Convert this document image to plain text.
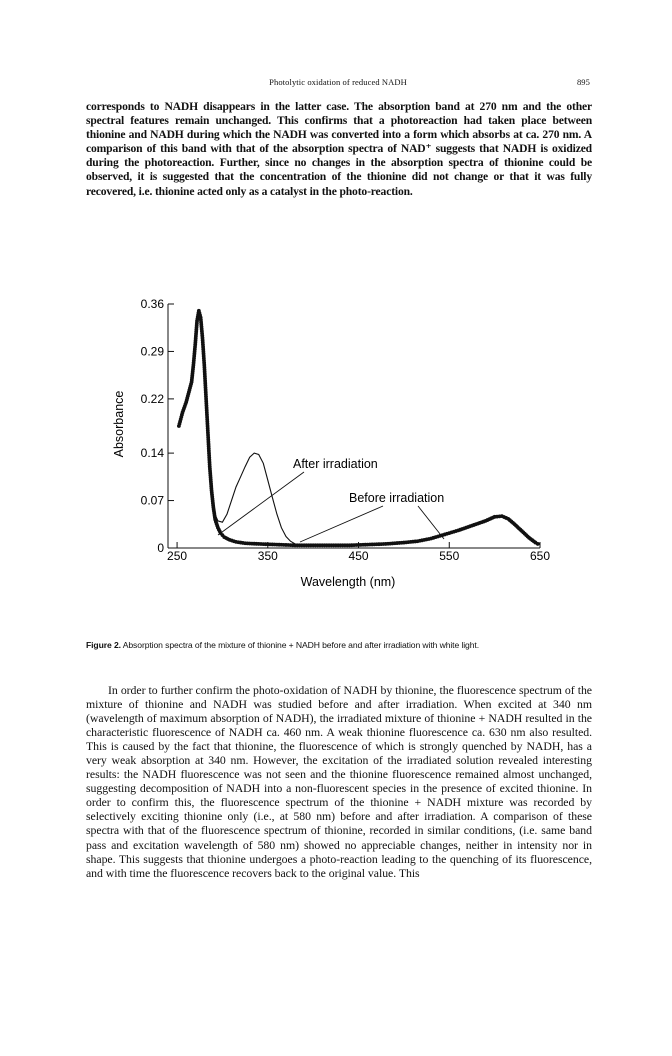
Photolytic oxidation of reduced NADH	895

corresponds to NADH disappears in the latter case. The absorption band at 270 nm and the other spectral features remain unchanged. This confirms that a photoreaction had taken place between thionine and NADH during which the NADH was converted into a form which absorbs at ca. 270 nm. A comparison of this band with that of the absorption spectra of NAD⁺ suggests that NADH is oxidized during the photoreaction. Further, since no changes in the absorption spectra of thionine could be observed, it is suggested that the concentration of the thionine did not change or that it was fully recovered, i.e. thionine acted only as a catalyst in the photo-reaction.

0
0.07
0.14
0.22
0.29
0.36
250	350	450	550	650
After irradiation
Before irradiation
Wavelength (nm)
Absorbance
Figure 2. Absorption spectra of the mixture of thionine + NADH before and after irradiation with white light.

In order to further confirm the photo-oxidation of NADH by thionine, the fluorescence spectrum of the mixture of thionine and NADH was studied before and after irradiation. When excited at 340 nm (wavelength of maximum absorption of NADH), the irradiated mixture of thionine + NADH resulted in the characteristic fluorescence of NADH ca. 460 nm. A weak thionine fluorescence ca. 630 nm also resulted. This is caused by the fact that thionine, the fluorescence of which is strongly quenched by NADH, has a very weak absorption at 340 nm. However, the excitation of the irradiated solution revealed interesting results: the NADH fluorescence was not seen and the thionine fluorescence remained almost unchanged, suggesting decomposition of NADH into a non-fluorescent species in the presence of excited thionine. In order to confirm this, the fluorescence spectrum of the thionine + NADH mixture was recorded by selectively exciting thionine only (i.e., at 580 nm) before and after irradiation. A comparison of these spectra with that of the fluorescence spectrum of thionine, recorded in similar conditions, (i.e. same band pass and excitation wavelength of 580 nm) showed no appreciable changes, neither in intensity nor in shape. This suggests that thionine undergoes a photo-reaction leading to the quenching of its fluorescence, and with time the fluorescence recovers back to the original value. This
